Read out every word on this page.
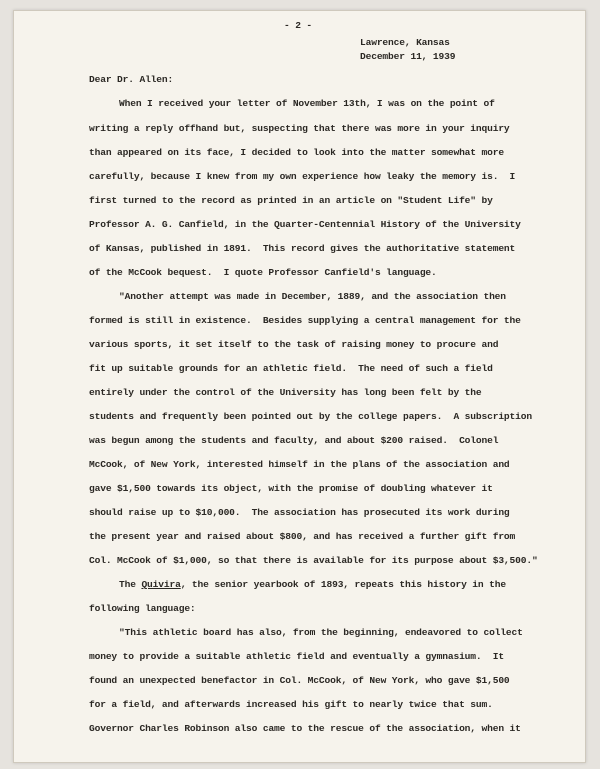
- 2 -
Lawrence, Kansas
December 11, 1939
Dear Dr. Allen:
When I received your letter of November 13th, I was on the point of
writing a reply offhand but, suspecting that there was more in your inquiry
than appeared on its face, I decided to look into the matter somewhat more
carefully, because I knew from my own experience how leaky the memory is.  I
first turned to the record as printed in an article on "Student Life" by
Professor A. G. Canfield, in the Quarter-Centennial History of the University
of Kansas, published in 1891.  This record gives the authoritative statement
of the McCook bequest.  I quote Professor Canfield's language.
"Another attempt was made in December, 1889, and the association then
formed is still in existence.  Besides supplying a central management for the
various sports, it set itself to the task of raising money to procure and
fit up suitable grounds for an athletic field.  The need of such a field
entirely under the control of the University has long been felt by the
students and frequently been pointed out by the college papers.  A subscription
was begun among the students and faculty, and about $200 raised.  Colonel
McCook, of New York, interested himself in the plans of the association and
gave $1,500 towards its object, with the promise of doubling whatever it
should raise up to $10,000.  The association has prosecuted its work during
the present year and raised about $800, and has received a further gift from
Col. McCook of $1,000, so that there is available for its purpose about $3,500."
The Quivira, the senior yearbook of 1893, repeats this history in the
following language:
"This athletic board has also, from the beginning, endeavored to collect
money to provide a suitable athletic field and eventually a gymnasium.  It
found an unexpected benefactor in Col. McCook, of New York, who gave $1,500
for a field, and afterwards increased his gift to nearly twice that sum.
Governor Charles Robinson also came to the rescue of the association, when it
